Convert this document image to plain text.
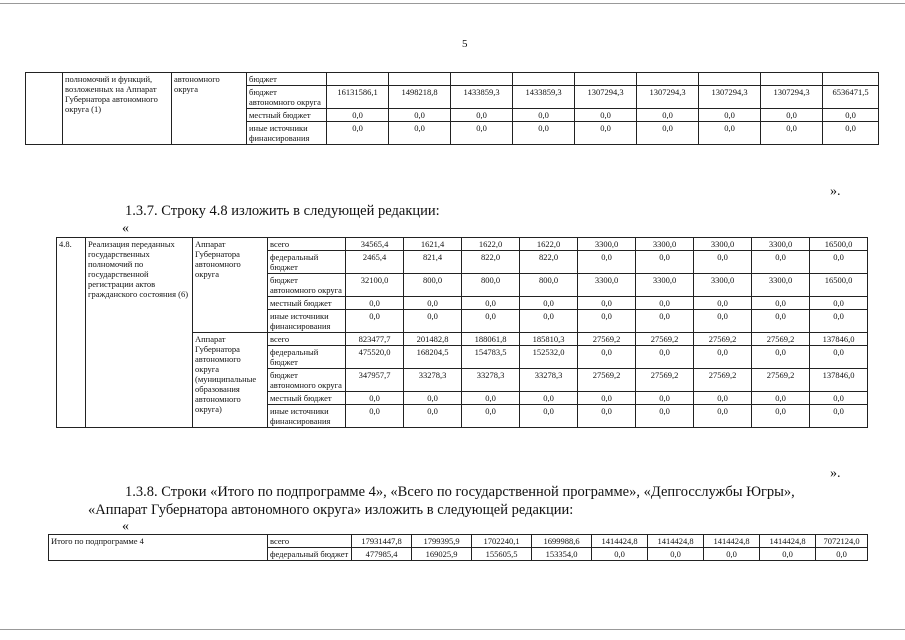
5
	полномочий и функций, возложенных на Аппарат Губернатора автономного округа (1)	автономного округа	бюджет									
			бюджет автономного округа	16131586,1	1498218,8	1433859,3	1433859,3	1307294,3	1307294,3	1307294,3	1307294,3	6536471,5
			местный бюджет	0,0	0,0	0,0	0,0	0,0	0,0	0,0	0,0	0,0
			иные источники финансирования	0,0	0,0	0,0	0,0	0,0	0,0	0,0	0,0	0,0
».
1.3.7. Строку 4.8 изложить в следующей редакции:
«
4.8.	Реализация переданных государственных полномочий по государственной регистрации актов гражданского состояния (6)	Аппарат Губернатора автономного округа	всего	34565,4	1621,4	1622,0	1622,0	3300,0	3300,0	3300,0	3300,0	16500,0
			федеральный бюджет	2465,4	821,4	822,0	822,0	0,0	0,0	0,0	0,0	0,0
			бюджет автономного округа	32100,0	800,0	800,0	800,0	3300,0	3300,0	3300,0	3300,0	16500,0
			местный бюджет	0,0	0,0	0,0	0,0	0,0	0,0	0,0	0,0	0,0
			иные источники финансирования	0,0	0,0	0,0	0,0	0,0	0,0	0,0	0,0	0,0
		Аппарат Губернатора автономного округа (муниципальные образования автономного округа)	всего	823477,7	201482,8	188061,8	185810,3	27569,2	27569,2	27569,2	27569,2	137846,0
			федеральный бюджет	475520,0	168204,5	154783,5	152532,0	0,0	0,0	0,0	0,0	0,0
			бюджет автономного округа	347957,7	33278,3	33278,3	33278,3	27569,2	27569,2	27569,2	27569,2	137846,0
			местный бюджет	0,0	0,0	0,0	0,0	0,0	0,0	0,0	0,0	0,0
			иные источники финансирования	0,0	0,0	0,0	0,0	0,0	0,0	0,0	0,0	0,0
».
1.3.8. Строки «Итого по подпрограмме 4», «Всего по государственной программе», «Депгосслужбы Югры»,
«Аппарат Губернатора автономного округа» изложить в следующей редакции:
«
Итого по подпрограмме 4	всего	17931447,8	1799395,9	1702240,1	1699988,6	1414424,8	1414424,8	1414424,8	1414424,8	7072124,0
	федеральный бюджет	477985,4	169025,9	155605,5	153354,0	0,0	0,0	0,0	0,0	0,0
